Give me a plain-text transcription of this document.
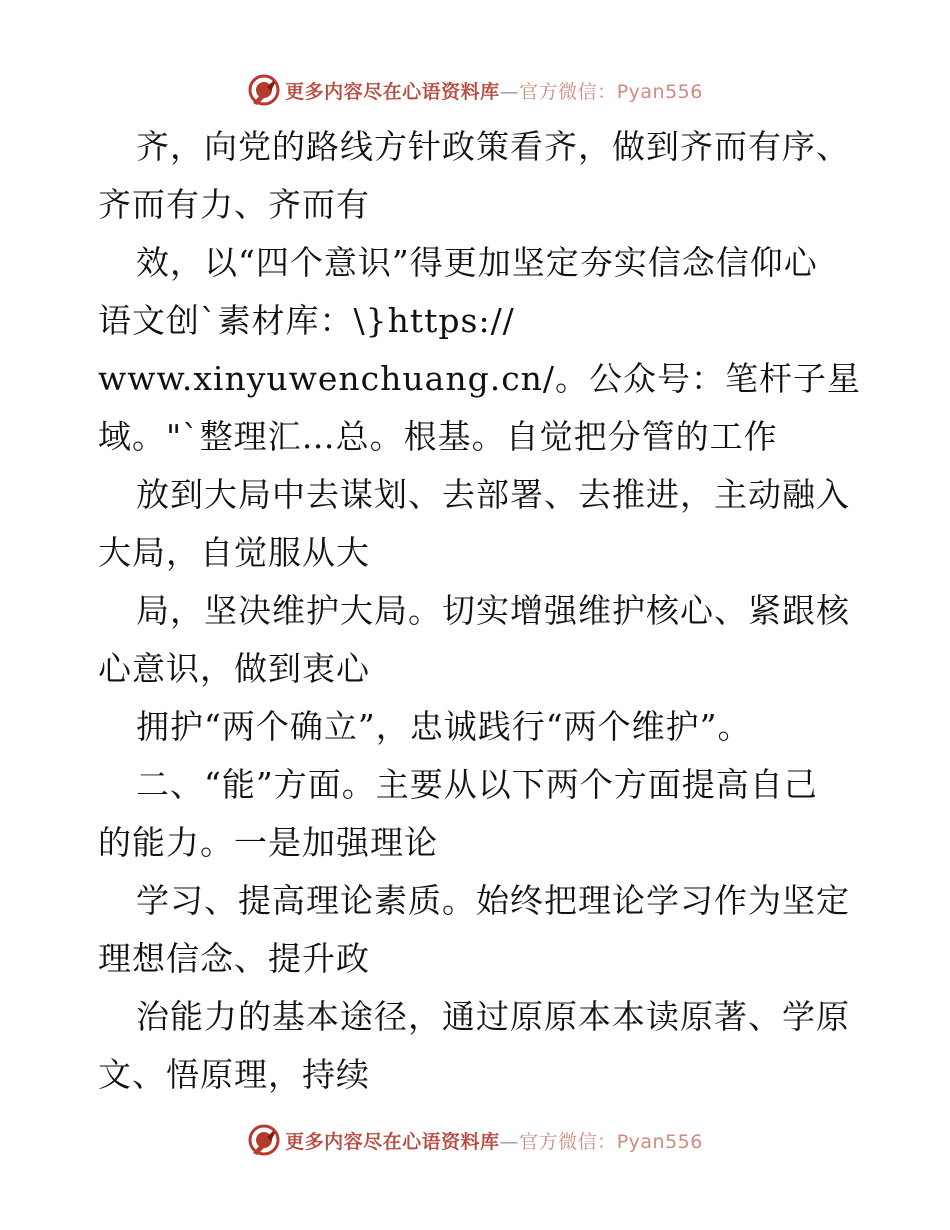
更多内容尽在心语资料库—官方微信：Pyan556
齐，向党的路线方针政策看齐，做到齐而有序、
齐而有力、齐而有
效，以“四个意识”得更加坚定夯实信念信仰心
语文创`素材库：\}https://
www.xinyuwenchuang.cn/。公众号：笔杆子星
域。"`整理汇…总。根基。自觉把分管的工作
放到大局中去谋划、去部署、去推进，主动融入
大局，自觉服从大
局，坚决维护大局。切实增强维护核心、紧跟核
心意识，做到衷心
拥护“两个确立”，忠诚践行“两个维护”。
二、“能”方面。主要从以下两个方面提高自己
的能力。一是加强理论
学习、提高理论素质。始终把理论学习作为坚定
理想信念、提升政
治能力的基本途径，通过原原本本读原著、学原
文、悟原理，持续
更多内容尽在心语资料库—官方微信：Pyan556
